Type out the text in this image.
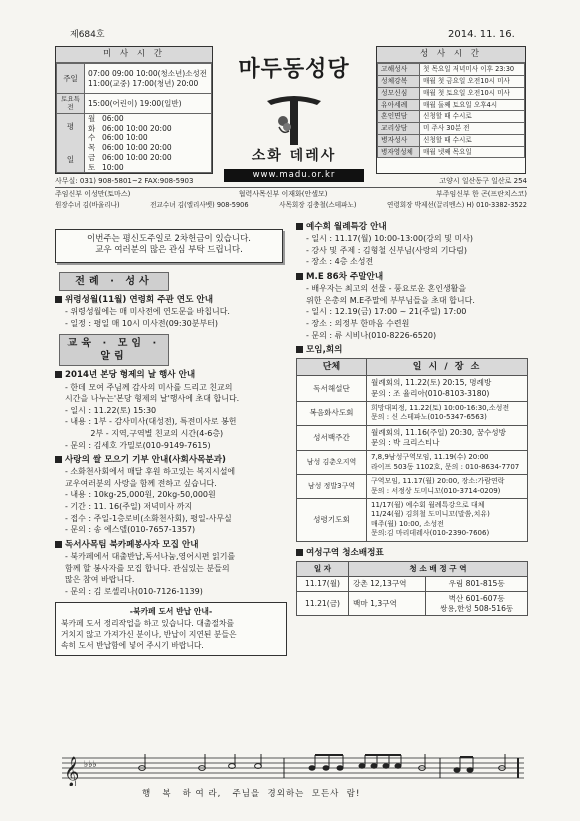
제684호	2014. 11. 16.
미 사 시 간
주일	07:00 09:00 10:00(청소년)소성전
11:00(교중) 17:00(청년) 20:00
토요특전	15:00(어린이) 19:00(일반)
평

일	
월	06:00
화	06:00 10:00 20:00
수	06:00 10:00
목	06:00 10:00 20:00
금	06:00 10:00 20:00
토	10:00
마두동성당
소화 데레사
www.madu.or.kr
성 사 시 간
고해성사	첫 목요일 저녁미사 이후 23:30
성체강복	매월 첫 금요일 오전10시 미사
성모신심	매월 첫 토요일 오전10시 미사
유아세례	매월 둘째 토요일 오후4시
혼인면담	신청할 때 수시로
교리상담	미 주사 30분 전
병자성사	신청할 때 수시로
병자영성체	매월 넷째 목요일
사무실: 031) 908-5801~2 FAX:908-5903	고양시 일산동구 일산로 254
주임신부 이성만(토마스)	협력사목신부 이재화(안셀모)	부주임신부 한 곤(프란치스코)
원장수녀 김(바울리나)	전교수녀 김(엘리사벳) 908-5906	사목회장 김충철(스테파노)	연령회장 박제선(끌리멘스) H) 010-3382-3522
이번주는 평신도주일로 2차헌금이 있습니다.
교우 여러분의 많은 관심 부탁 드립니다.
전례 · 성사
위령성월(11월) 연령회 주관 연도 안내
- 위령성월에는 매 미사전에 연도문을 바칩니다.
- 일정 : 평일 매 10시 미사전(09:30분부터)
교육 · 모임 · 알림
2014년 본당 형제의 날 행사 안내
- 한데 모여 주님께 감사의 미사를 드리고 친교의
시간을 나누는'본당 형제의 날'행사에 초대 합니다.
- 일시 : 11.22(토) 15:30
- 내용 : 1부 - 감사미사(대성전), 특전미사로 봉헌
2부 - 지역,구역별 친교의 시간(4-6층)
- 문의 : 김세호 가밀로(010-9149-7615)
사랑의 쌀 모으기 기부 안내(사회사목분과)
- 소화천사회에서 매달 후원 하고있는 복지시설에
교우여러분의 사랑을 함께 전하고 싶습니다.
- 내용 : 10kg-25,000원, 20kg-50,000원
- 기간 : 11. 16(주일) 저녁미사 까지
- 접수 : 주일-1층로비(소화천사회), 평일-사무실
- 문의 : 송 에스델(010-7657-1357)
독서사목팀 북카페봉사자 모집 안내
- 북카페에서 대출반납,독서나눔,영어시편 읽기를
함께 할 봉사자를 모집 합니다. 관심있는 분들의
많은 참여 바랍니다.
- 문의 : 김 로셀리나(010-7126-1139)
-북카페 도서 반납 안내-
북카페 도서 정리작업을 하고 있습니다. 대출절차를
거치지 않고 가져가신 분이나, 반납이 지연된 분들은
속히 도서 반납함에 넣어 주시기 바랍니다.
예수회 월례특강 안내
- 일시 : 11.17(월) 10:00-13:00(강의 및 미사)
- 강사 및 주제 : 김형철 신부님(사랑의 기다림)
- 장소 : 4층 소성전
M.E 86차 주말안내
- 배우자는 최고의 선물 - 풍요로운 혼인생활을
위한 은총의 M.E주말에 부부님들을 초대 합니다.
- 일시 : 12.19(금) 17:00 ~ 21(주일) 17:00
- 장소 : 의정부 한마음 수련원
- 문의 : 류 시비나(010-8226-6520)
모임,회의
단체	일 시 / 장 소
독서해설단	월례회의, 11.22(토) 20:15, 명례방
문의 : 조 율리아(010-8103-3180)
복음화사도회	희망대피정, 11.22(토) 10:00-16:30,소성전
문의 : 신 스테파노(010-5347-6563)
성서백주간	월례회의, 11.16(주일) 20:30, 꿈수성방
문의 : 박 크리스티나
남성 김춘오지역	7,8,9남성구역모임, 11.19(수) 20:00
라이프 503동 1102호, 문의 : 010-8634-7707
남성 정발3구역	구역모임, 11.17(월) 20:00, 장소:가람연락
문의 : 서정상 도미니꼬(010-3714-0209)
성령기도회	11/17(월) 예수회 월례특강으로 대체
11/24(월) 김희철 도미니꼬(말씀,치유)
매주(월) 10:00, 소성전
문의:김 마리데레사(010-2390-7606)
여성구역 청소배정표
일 자	청 소 배 정 구 역	
11.17(월)	강촌 12,13구역	우림 801-815동
11.21(금)	백마 1,3구역	벽산 601-607동
쌍용,한성 508-516동
𝄞 ♭♭♭
행   복   하 여 라,   주님을  경외하는  모든사  람!
